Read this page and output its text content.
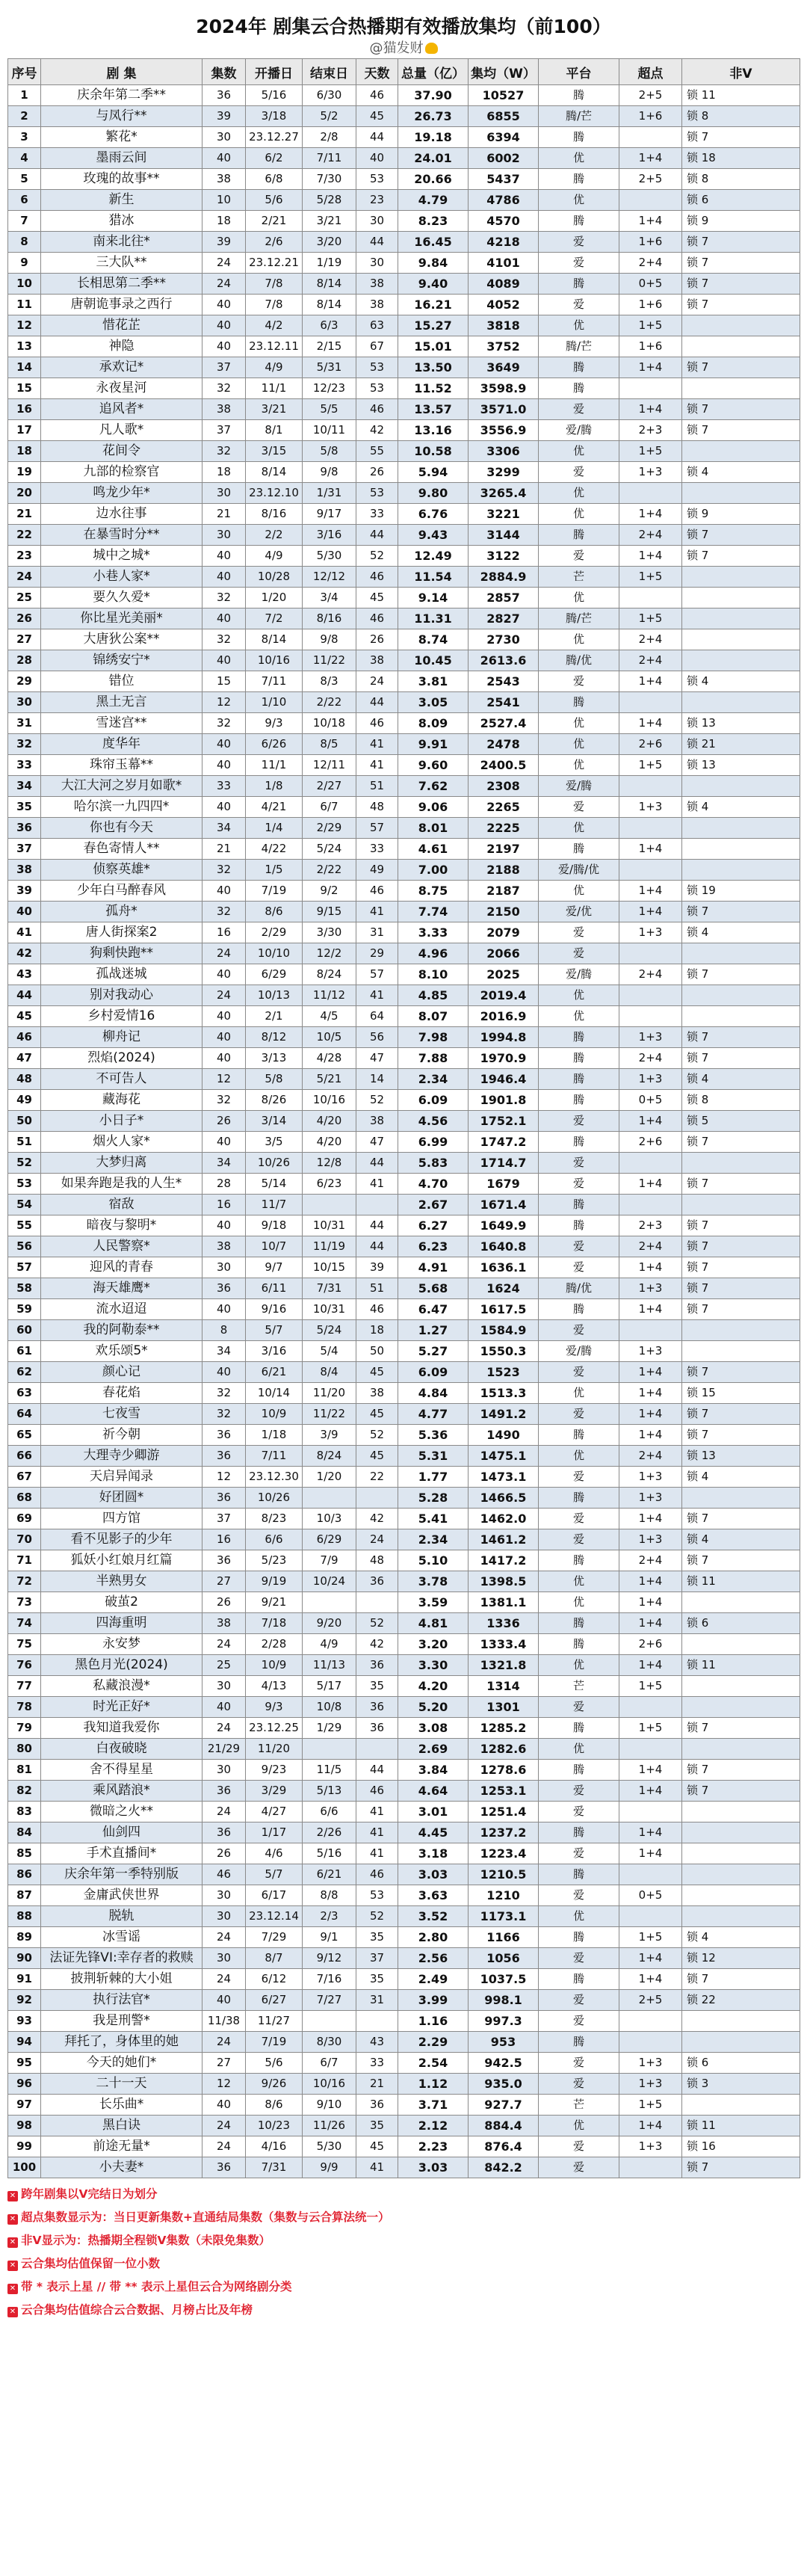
2024年 剧集云合热播期有效播放集均（前100）
@猫发财
序号	剧 集	集数	开播日	结束日	天数	总量（亿）	集均（W）	平台	超点	非V
1	庆余年第二季**	36	5/16	6/30	46	37.90	10527	腾	2+5	锁 11
2	与凤行**	39	3/18	5/2	45	26.73	6855	腾/芒	1+6	锁 8
3	繁花*	30	23.12.27	2/8	44	19.18	6394	腾		锁 7
4	墨雨云间	40	6/2	7/11	40	24.01	6002	优	1+4	锁 18
5	玫瑰的故事**	38	6/8	7/30	53	20.66	5437	腾	2+5	锁 8
6	新生	10	5/6	5/28	23	4.79	4786	优		锁 6
7	猎冰	18	2/21	3/21	30	8.23	4570	腾	1+4	锁 9
8	南来北往*	39	2/6	3/20	44	16.45	4218	爱	1+6	锁 7
9	三大队**	24	23.12.21	1/19	30	9.84	4101	爱	2+4	锁 7
10	长相思第二季**	24	7/8	8/14	38	9.40	4089	腾	0+5	锁 7
11	唐朝诡事录之西行	40	7/8	8/14	38	16.21	4052	爱	1+6	锁 7
12	惜花芷	40	4/2	6/3	63	15.27	3818	优	1+5	
13	神隐	40	23.12.11	2/15	67	15.01	3752	腾/芒	1+6	
14	承欢记*	37	4/9	5/31	53	13.50	3649	腾	1+4	锁 7
15	永夜星河	32	11/1	12/23	53	11.52	3598.9	腾		
16	追风者*	38	3/21	5/5	46	13.57	3571.0	爱	1+4	锁 7
17	凡人歌*	37	8/1	10/11	42	13.16	3556.9	爱/腾	2+3	锁 7
18	花间令	32	3/15	5/8	55	10.58	3306	优	1+5	
19	九部的检察官	18	8/14	9/8	26	5.94	3299	爱	1+3	锁 4
20	鸣龙少年*	30	23.12.10	1/31	53	9.80	3265.4	优		
21	边水往事	21	8/16	9/17	33	6.76	3221	优	1+4	锁 9
22	在暴雪时分**	30	2/2	3/16	44	9.43	3144	腾	2+4	锁 7
23	城中之城*	40	4/9	5/30	52	12.49	3122	爱	1+4	锁 7
24	小巷人家*	40	10/28	12/12	46	11.54	2884.9	芒	1+5	
25	要久久爱*	32	1/20	3/4	45	9.14	2857	优		
26	你比星光美丽*	40	7/2	8/16	46	11.31	2827	腾/芒	1+5	
27	大唐狄公案**	32	8/14	9/8	26	8.74	2730	优	2+4	
28	锦绣安宁*	40	10/16	11/22	38	10.45	2613.6	腾/优	2+4	
29	错位	15	7/11	8/3	24	3.81	2543	爱	1+4	锁 4
30	黑土无言	12	1/10	2/22	44	3.05	2541	腾		
31	雪迷宫**	32	9/3	10/18	46	8.09	2527.4	优	1+4	锁 13
32	度华年	40	6/26	8/5	41	9.91	2478	优	2+6	锁 21
33	珠帘玉幕**	40	11/1	12/11	41	9.60	2400.5	优	1+5	锁 13
34	大江大河之岁月如歌*	33	1/8	2/27	51	7.62	2308	爱/腾		
35	哈尔滨一九四四*	40	4/21	6/7	48	9.06	2265	爱	1+3	锁 4
36	你也有今天	34	1/4	2/29	57	8.01	2225	优		
37	春色寄情人**	21	4/22	5/24	33	4.61	2197	腾	1+4	
38	侦察英雄*	32	1/5	2/22	49	7.00	2188	爱/腾/优		
39	少年白马醉春风	40	7/19	9/2	46	8.75	2187	优	1+4	锁 19
40	孤舟*	32	8/6	9/15	41	7.74	2150	爱/优	1+4	锁 7
41	唐人街探案2	16	2/29	3/30	31	3.33	2079	爱	1+3	锁 4
42	狗剩快跑**	24	10/10	12/2	29	4.96	2066	爱		
43	孤战迷城	40	6/29	8/24	57	8.10	2025	爱/腾	2+4	锁 7
44	别对我动心	24	10/13	11/12	41	4.85	2019.4	优		
45	乡村爱情16	40	2/1	4/5	64	8.07	2016.9	优		
46	柳舟记	40	8/12	10/5	56	7.98	1994.8	腾	1+3	锁 7
47	烈焰(2024)	40	3/13	4/28	47	7.88	1970.9	腾	2+4	锁 7
48	不可告人	12	5/8	5/21	14	2.34	1946.4	腾	1+3	锁 4
49	藏海花	32	8/26	10/16	52	6.09	1901.8	腾	0+5	锁 8
50	小日子*	26	3/14	4/20	38	4.56	1752.1	爱	1+4	锁 5
51	烟火人家*	40	3/5	4/20	47	6.99	1747.2	腾	2+6	锁 7
52	大梦归离	34	10/26	12/8	44	5.83	1714.7	爱		
53	如果奔跑是我的人生*	28	5/14	6/23	41	4.70	1679	爱	1+4	锁 7
54	宿敌	16	11/7			2.67	1671.4	腾		
55	暗夜与黎明*	40	9/18	10/31	44	6.27	1649.9	腾	2+3	锁 7
56	人民警察*	38	10/7	11/19	44	6.23	1640.8	爱	2+4	锁 7
57	迎风的青春	30	9/7	10/15	39	4.91	1636.1	爱	1+4	锁 7
58	海天雄鹰*	36	6/11	7/31	51	5.68	1624	腾/优	1+3	锁 7
59	流水迢迢	40	9/16	10/31	46	6.47	1617.5	腾	1+4	锁 7
60	我的阿勒泰**	8	5/7	5/24	18	1.27	1584.9	爱		
61	欢乐颂5*	34	3/16	5/4	50	5.27	1550.3	爱/腾	1+3	
62	颜心记	40	6/21	8/4	45	6.09	1523	爱	1+4	锁 7
63	春花焰	32	10/14	11/20	38	4.84	1513.3	优	1+4	锁 15
64	七夜雪	32	10/9	11/22	45	4.77	1491.2	爱	1+4	锁 7
65	祈今朝	36	1/18	3/9	52	5.36	1490	腾	1+4	锁 7
66	大理寺少卿游	36	7/11	8/24	45	5.31	1475.1	优	2+4	锁 13
67	天启异闻录	12	23.12.30	1/20	22	1.77	1473.1	爱	1+3	锁 4
68	好团圆*	36	10/26			5.28	1466.5	腾	1+3	
69	四方馆	37	8/23	10/3	42	5.41	1462.0	爱	1+4	锁 7
70	看不见影子的少年	16	6/6	6/29	24	2.34	1461.2	爱	1+3	锁 4
71	狐妖小红娘月红篇	36	5/23	7/9	48	5.10	1417.2	腾	2+4	锁 7
72	半熟男女	27	9/19	10/24	36	3.78	1398.5	优	1+4	锁 11
73	破茧2	26	9/21			3.59	1381.1	优	1+4	
74	四海重明	38	7/18	9/20	52	4.81	1336	腾	1+4	锁 6
75	永安梦	24	2/28	4/9	42	3.20	1333.4	腾	2+6	
76	黑色月光(2024)	25	10/9	11/13	36	3.30	1321.8	优	1+4	锁 11
77	私藏浪漫*	30	4/13	5/17	35	4.20	1314	芒	1+5	
78	时光正好*	40	9/3	10/8	36	5.20	1301	爱		
79	我知道我爱你	24	23.12.25	1/29	36	3.08	1285.2	腾	1+5	锁 7
80	白夜破晓	21/29	11/20			2.69	1282.6	优		
81	舍不得星星	30	9/23	11/5	44	3.84	1278.6	腾	1+4	锁 7
82	乘风踏浪*	36	3/29	5/13	46	4.64	1253.1	爱	1+4	锁 7
83	微暗之火**	24	4/27	6/6	41	3.01	1251.4	爱		
84	仙剑四	36	1/17	2/26	41	4.45	1237.2	腾	1+4	
85	手术直播间*	26	4/6	5/16	41	3.18	1223.4	爱	1+4	
86	庆余年第一季特别版	46	5/7	6/21	46	3.03	1210.5	腾		
87	金庸武侠世界	30	6/17	8/8	53	3.63	1210	爱	0+5	
88	脱轨	30	23.12.14	2/3	52	3.52	1173.1	优		
89	冰雪谣	24	7/29	9/1	35	2.80	1166	腾	1+5	锁 4
90	法证先锋VI:幸存者的救赎	30	8/7	9/12	37	2.56	1056	爱	1+4	锁 12
91	披荆斩棘的大小姐	24	6/12	7/16	35	2.49	1037.5	腾	1+4	锁 7
92	执行法官*	40	6/27	7/27	31	3.99	998.1	爱	2+5	锁 22
93	我是刑警*	11/38	11/27			1.16	997.3	爱		
94	拜托了，身体里的她	24	7/19	8/30	43	2.29	953	腾		
95	今天的她们*	27	5/6	6/7	33	2.54	942.5	爱	1+3	锁 6
96	二十一天	12	9/26	10/16	21	1.12	935.0	爱	1+3	锁 3
97	长乐曲*	40	8/6	9/10	36	3.71	927.7	芒	1+5	
98	黑白诀	24	10/23	11/26	35	2.12	884.4	优	1+4	锁 11
99	前途无量*	24	4/16	5/30	45	2.23	876.4	爱	1+3	锁 16
100	小夫妻*	36	7/31	9/9	41	3.03	842.2	爱		锁 7
✕ 跨年剧集以V完结日为划分
✕ 超点集数显示为：当日更新集数+直通结局集数（集数与云合算法统一）
✕ 非V显示为：热播期全程锁V集数（未限免集数）
✕ 云合集均估值保留一位小数
✕ 带 * 表示上星 // 带 ** 表示上星但云合为网络剧分类
✕ 云合集均估值综合云合数据、月榜占比及年榜
